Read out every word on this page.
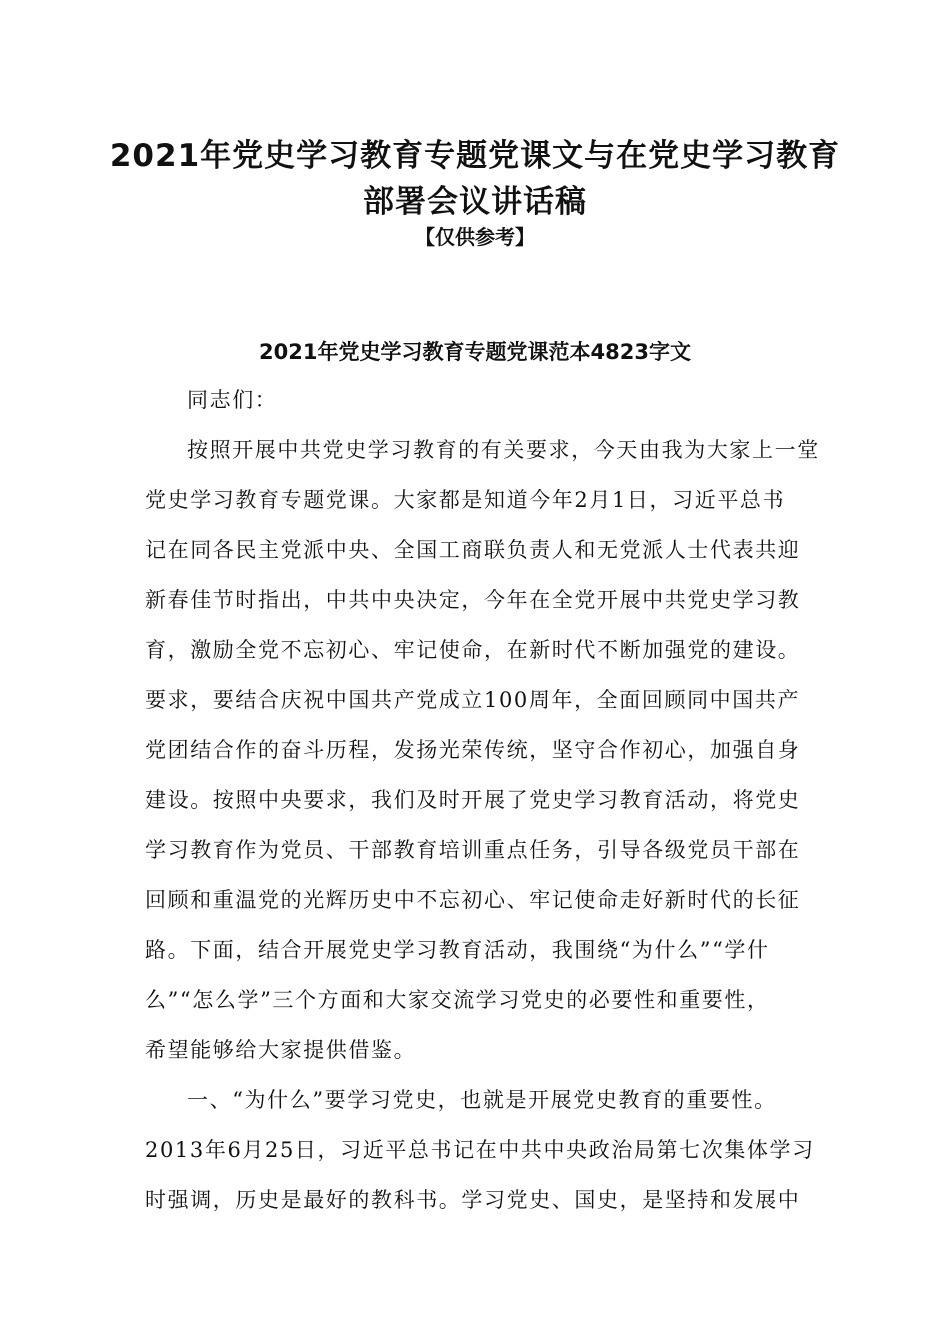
2021年党史学习教育专题党课文与在党史学习教育
部署会议讲话稿

【仅供参考】

2021年党史学习教育专题党课范本4823字文

同志们：

按照开展中共党史学习教育的有关要求，今天由我为大家上一堂

党史学习教育专题党课。大家都是知道今年2月1日，习近平总书

记在同各民主党派中央、全国工商联负责人和无党派人士代表共迎

新春佳节时指出，中共中央决定，今年在全党开展中共党史学习教

育，激励全党不忘初心、牢记使命，在新时代不断加强党的建设。

要求，要结合庆祝中国共产党成立100周年，全面回顾同中国共产

党团结合作的奋斗历程，发扬光荣传统，坚守合作初心，加强自身

建设。按照中央要求，我们及时开展了党史学习教育活动，将党史

学习教育作为党员、干部教育培训重点任务，引导各级党员干部在

回顾和重温党的光辉历史中不忘初心、牢记使命走好新时代的长征

路。下面，结合开展党史学习教育活动，我围绕“为什么”“学什

么”“怎么学”三个方面和大家交流学习党史的必要性和重要性，

希望能够给大家提供借鉴。

一、“为什么”要学习党史，也就是开展党史教育的重要性。

2013年6月25日，习近平总书记在中共中央政治局第七次集体学习

时强调，历史是最好的教科书。学习党史、国史，是坚持和发展中
